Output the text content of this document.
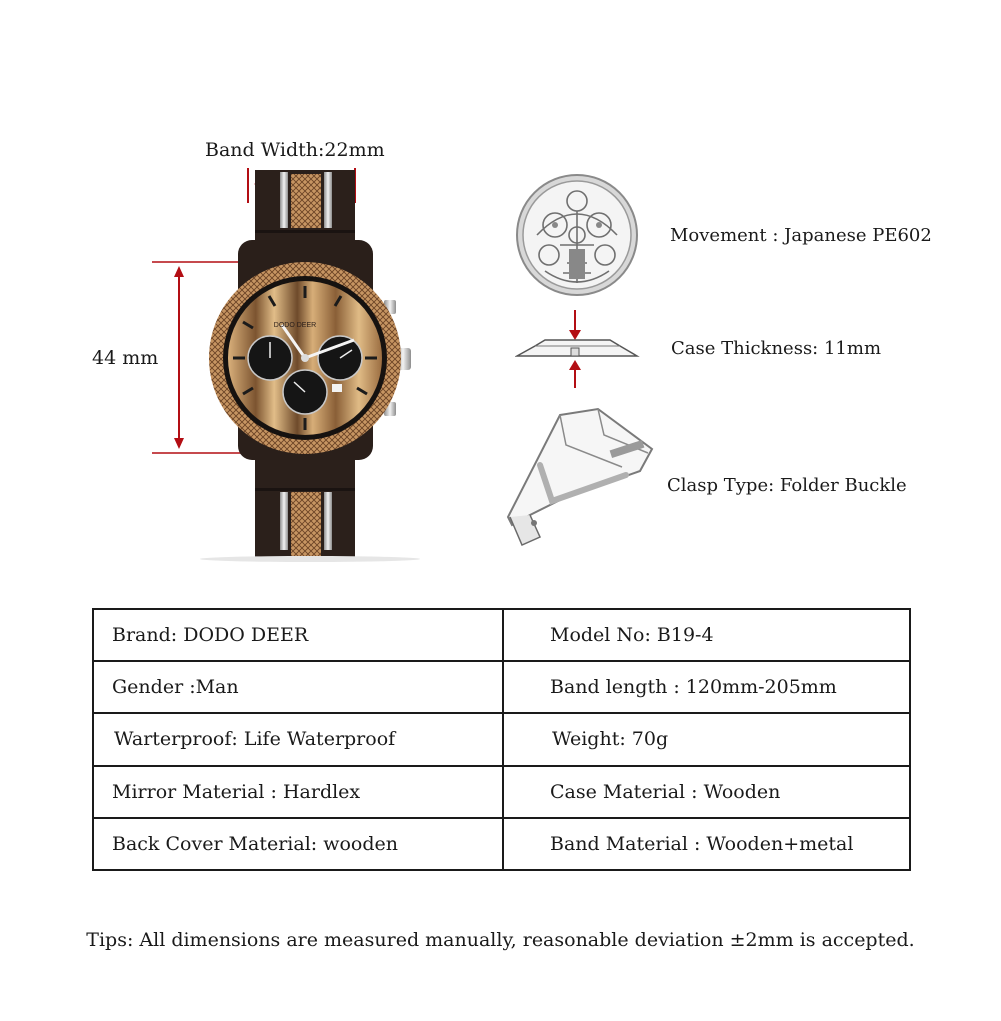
Band Width:22mm
44 mm
DODO DEER
Movement : Japanese PE602
Case Thickness: 11mm
Clasp Type: Folder Buckle
Brand: DODO DEER	Model No: B19-4
Gender :Man	Band length : 120mm-205mm
Warterproof: Life Waterproof	Weight: 70g
Mirror Material : Hardlex	Case Material : Wooden
Back Cover Material: wooden	Band Material : Wooden+metal
Tips: All dimensions are measured manually, reasonable deviation ±2mm is accepted.
